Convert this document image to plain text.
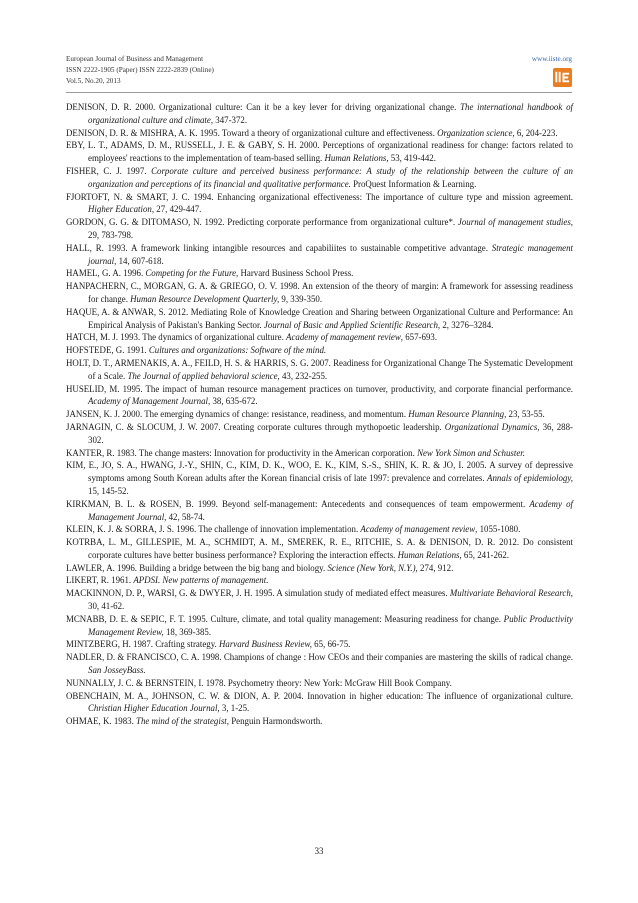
European Journal of Business and Management
ISSN 2222-1905 (Paper) ISSN 2222-2839 (Online)
Vol.5, No.20, 2013
www.iiste.org

DENISON, D. R. 2000. Organizational culture: Can it be a key lever for driving organizational change. The international handbook of organizational culture and climate, 347-372.

DENISON, D. R. & MISHRA, A. K. 1995. Toward a theory of organizational culture and effectiveness. Organization science, 6, 204-223.

EBY, L. T., ADAMS, D. M., RUSSELL, J. E. & GABY, S. H. 2000. Perceptions of organizational readiness for change: factors related to employees' reactions to the implementation of team-based selling. Human Relations, 53, 419-442.

FISHER, C. J. 1997. Corporate culture and perceived business performance: A study of the relationship between the culture of an organization and perceptions of its financial and qualitative performance. ProQuest Information & Learning.

FJORTOFT, N. & SMART, J. C. 1994. Enhancing organizational effectiveness: The importance of culture type and mission agreement. Higher Education, 27, 429-447.

GORDON, G. G. & DITOMASO, N. 1992. Predicting corporate performance from organizational culture*. Journal of management studies, 29, 783-798.

HALL, R. 1993. A framework linking intangible resources and capabiliites to sustainable competitive advantage. Strategic management journal, 14, 607-618.

HAMEL, G. A. 1996. Competing for the Future, Harvard Business School Press.

HANPACHERN, C., MORGAN, G. A. & GRIEGO, O. V. 1998. An extension of the theory of margin: A framework for assessing readiness for change. Human Resource Development Quarterly, 9, 339-350.

HAQUE, A. & ANWAR, S. 2012. Mediating Role of Knowledge Creation and Sharing between Organizational Culture and Performance: An Empirical Analysis of Pakistan's Banking Sector. Journal of Basic and Applied Scientific Research, 2, 3276–3284.

HATCH, M. J. 1993. The dynamics of organizational culture. Academy of management review, 657-693.

HOFSTEDE, G. 1991. Cultures and organizations: Software of the mind.

HOLT, D. T., ARMENAKIS, A. A., FEILD, H. S. & HARRIS, S. G. 2007. Readiness for Organizational Change The Systematic Development of a Scale. The Journal of applied behavioral science, 43, 232-255.

HUSELID, M. 1995. The impact of human resource management practices on turnover, productivity, and corporate financial performance. Academy of Management Journal, 38, 635-672.

JANSEN, K. J. 2000. The emerging dynamics of change: resistance, readiness, and momentum. Human Resource Planning, 23, 53-55.

JARNAGIN, C. & SLOCUM, J. W. 2007. Creating corporate cultures through mythopoetic leadership. Organizational Dynamics, 36, 288-302.

KANTER, R. 1983. The change masters: Innovation for productivity in the American corporation. New York Simon and Schuster.

KIM, E., JO, S. A., HWANG, J.-Y., SHIN, C., KIM, D. K., WOO, E. K., KIM, S.-S., SHIN, K. R. & JO, I. 2005. A survey of depressive symptoms among South Korean adults after the Korean financial crisis of late 1997: prevalence and correlates. Annals of epidemiology, 15, 145-52.

KIRKMAN, B. L. & ROSEN, B. 1999. Beyond self-management: Antecedents and consequences of team empowerment. Academy of Management Journal, 42, 58-74.

KLEIN, K. J. & SORRA, J. S. 1996. The challenge of innovation implementation. Academy of management review, 1055-1080.

KOTRBA, L. M., GILLESPIE, M. A., SCHMIDT, A. M., SMEREK, R. E., RITCHIE, S. A. & DENISON, D. R. 2012. Do consistent corporate cultures have better business performance? Exploring the interaction effects. Human Relations, 65, 241-262.

LAWLER, A. 1996. Building a bridge between the big bang and biology. Science (New York, N.Y.), 274, 912.

LIKERT, R. 1961. APDSI. New patterns of management.

MACKINNON, D. P., WARSI, G. & DWYER, J. H. 1995. A simulation study of mediated effect measures. Multivariate Behavioral Research, 30, 41-62.

MCNABB, D. E. & SEPIC, F. T. 1995. Culture, climate, and total quality management: Measuring readiness for change. Public Productivity Management Review, 18, 369-385.

MINTZBERG, H. 1987. Crafting strategy. Harvard Business Review, 65, 66-75.

NADLER, D. & FRANCISCO, C. A. 1998. Champions of change : How CEOs and their companies are mastering the skills of radical change. San JosseyBass.

NUNNALLY, J. C. & BERNSTEIN, I. 1978. Psychometry theory: New York: McGraw Hill Book Company.

OBENCHAIN, M. A., JOHNSON, C. W. & DION, A. P. 2004. Innovation in higher education: The influence of organizational culture. Christian Higher Education Journal, 3, 1-25.

OHMAE, K. 1983. The mind of the strategist, Penguin Harmondsworth.

33
